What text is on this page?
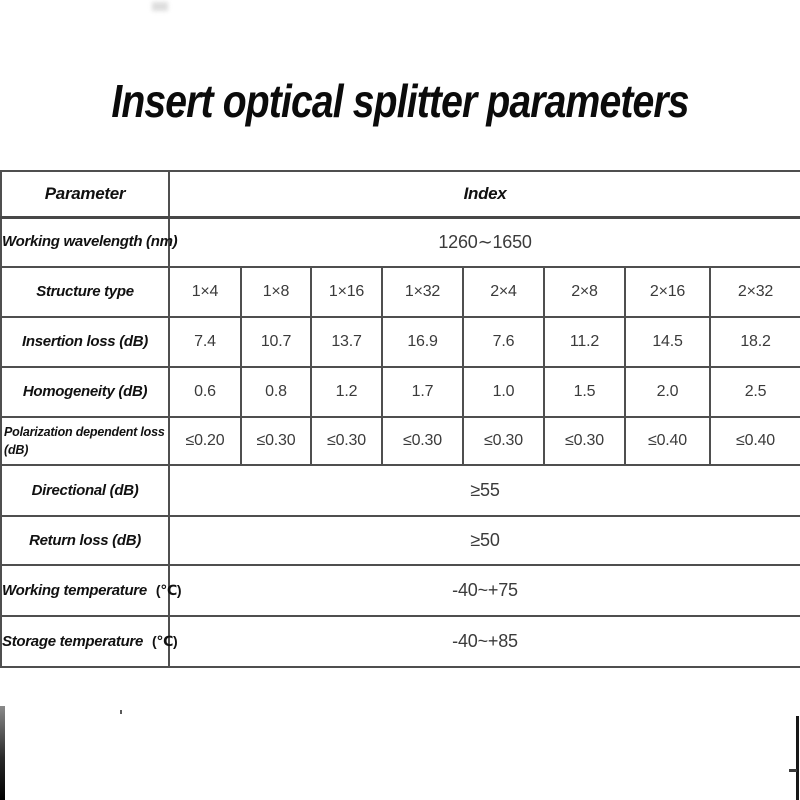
Insert optical splitter parameters
Parameter	Index							
Working wavelength (nm)	1260∼1650							
Structure type	1×4	1×8	1×16	1×32	2×4	2×8	2×16	2×32
Insertion loss (dB)	7.4	10.7	13.7	16.9	7.6	11.2	14.5	18.2
Homogeneity (dB)	0.6	0.8	1.2	1.7	1.0	1.5	2.0	2.5

Polarization dependent loss
(dB)	≤0.20	≤0.30	≤0.30	≤0.30	≤0.30	≤0.30	≤0.40	≤0.40
Directional (dB)	≥55							
Return loss (dB)	≥50							
Working temperature (℃)	-40~+75							
Storage temperature (℃)	-40~+85							
